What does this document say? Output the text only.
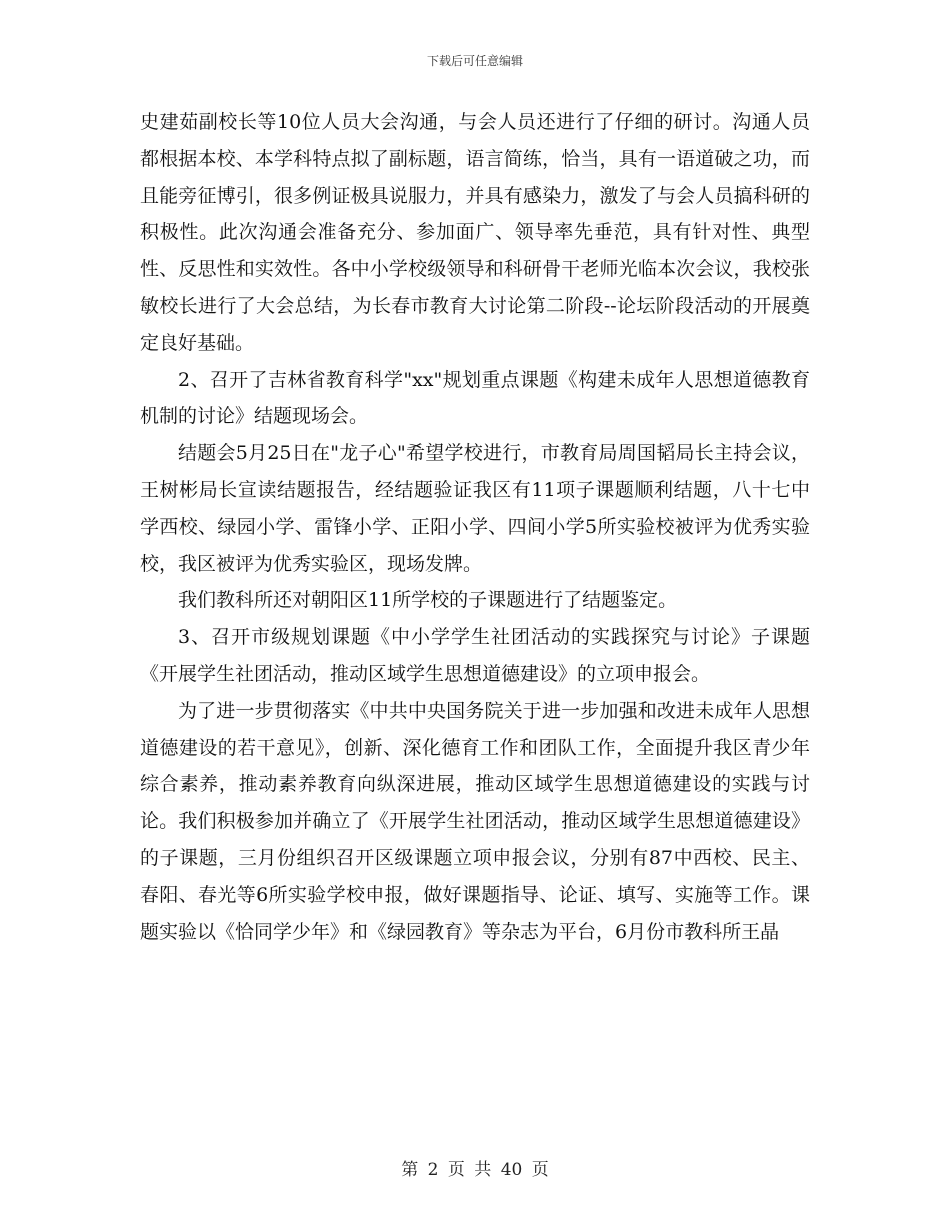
下载后可任意编辑

史建茹副校长等10位人员大会沟通，与会人员还进行了仔细的研讨。沟通人员都根据本校、本学科特点拟了副标题，语言简练，恰当，具有一语道破之功，而且能旁征博引，很多例证极具说服力，并具有感染力，激发了与会人员搞科研的积极性。此次沟通会准备充分、参加面广、领导率先垂范，具有针对性、典型性、反思性和实效性。各中小学校级领导和科研骨干老师光临本次会议，我校张敏校长进行了大会总结，为长春市教育大讨论第二阶段--论坛阶段活动的开展奠定良好基础。

2、召开了吉林省教育科学"xx"规划重点课题《构建未成年人思想道德教育机制的讨论》结题现场会。

结题会5月25日在"龙子心"希望学校进行，市教育局周国韬局长主持会议，王树彬局长宣读结题报告，经结题验证我区有11项子课题顺利结题，八十七中学西校、绿园小学、雷锋小学、正阳小学、四间小学5所实验校被评为优秀实验校，我区被评为优秀实验区，现场发牌。

我们教科所还对朝阳区11所学校的子课题进行了结题鉴定。

3、召开市级规划课题《中小学学生社团活动的实践探究与讨论》子课题《开展学生社团活动，推动区域学生思想道德建设》的立项申报会。

为了进一步贯彻落实《中共中央国务院关于进一步加强和改进未成年人思想道德建设的若干意见》，创新、深化德育工作和团队工作，全面提升我区青少年综合素养，推动素养教育向纵深进展，推动区域学生思想道德建设的实践与讨论。我们积极参加并确立了《开展学生社团活动，推动区域学生思想道德建设》的子课题，三月份组织召开区级课题立项申报会议，分别有87中西校、民主、春阳、春光等6所实验学校申报，做好课题指导、论证、填写、实施等工作。课题实验以《恰同学少年》和《绿园教育》等杂志为平台，6月份市教科所王晶

第 2 页 共 40 页
